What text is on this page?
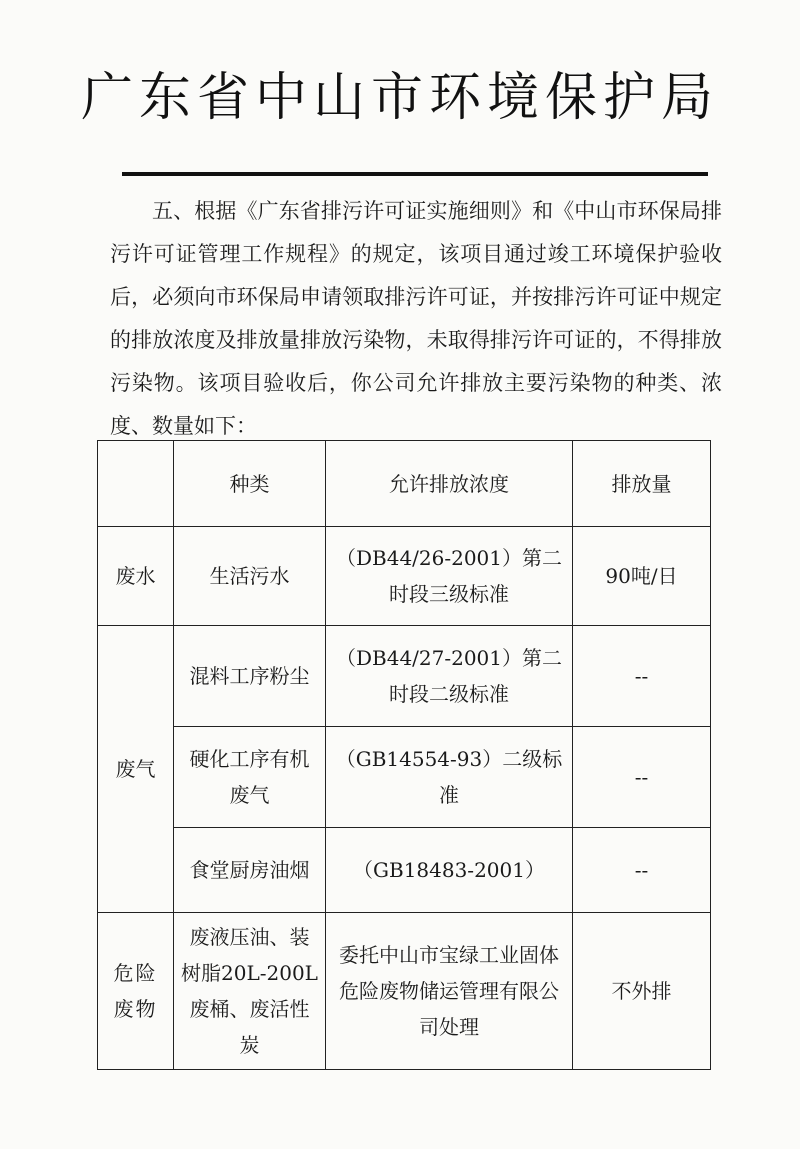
广东省中山市环境保护局

五、根据《广东省排污许可证实施细则》和《中山市环保局排污许可证管理工作规程》的规定，该项目通过竣工环境保护验收后，必须向市环保局申请领取排污许可证，并按排污许可证中规定的排放浓度及排放量排放污染物，未取得排污许可证的，不得排放污染物。该项目验收后，你公司允许排放主要污染物的种类、浓度、数量如下：

	种类	允许排放浓度	排放量
废水	生活污水	（DB44/26-2001）第二时段三级标准	90吨/日
废气	混料工序粉尘	（DB44/27-2001）第二时段二级标准	--
	硬化工序有机废气	（GB14554-93）二级标准	--
	食堂厨房油烟	（GB18483-2001）	--
危险废物	废液压油、装树脂20L-200L废桶、废活性炭	委托中山市宝绿工业固体危险废物储运管理有限公司处理	不外排
